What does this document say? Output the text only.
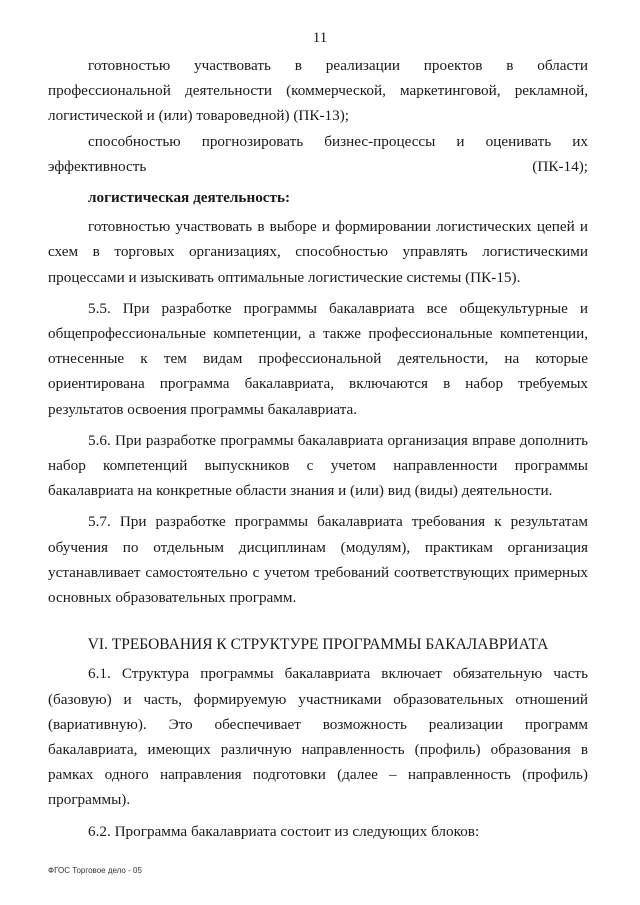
11

готовностью участвовать в реализации проектов в области профессиональной деятельности (коммерческой, маркетинговой, рекламной, логистической и (или) товароведной) (ПК-13);

способностью прогнозировать бизнес-процессы и оценивать их эффективность (ПК-14);

логистическая деятельность:

готовностью участвовать в выборе и формировании логистических цепей и схем в торговых организациях, способностью управлять логистическими процессами и изыскивать оптимальные логистические системы (ПК-15).

5.5. При разработке программы бакалавриата все общекультурные и общепрофессиональные компетенции, а также профессиональные компетенции, отнесенные к тем видам профессиональной деятельности, на которые ориентирована программа бакалавриата, включаются в набор требуемых результатов освоения программы бакалавриата.

5.6. При разработке программы бакалавриата организация вправе дополнить набор компетенций выпускников с учетом направленности программы бакалавриата на конкретные области знания и (или) вид (виды) деятельности.

5.7. При разработке программы бакалавриата требования к результатам обучения по отдельным дисциплинам (модулям), практикам организация устанавливает самостоятельно с учетом требований соответствующих примерных основных образовательных программ.

VI. ТРЕБОВАНИЯ К СТРУКТУРЕ ПРОГРАММЫ БАКАЛАВРИАТА

6.1. Структура программы бакалавриата включает обязательную часть (базовую) и часть, формируемую участниками образовательных отношений (вариативную). Это обеспечивает возможность реализации программ бакалавриата, имеющих различную направленность (профиль) образования в рамках одного направления подготовки (далее – направленность (профиль) программы).

6.2. Программа бакалавриата состоит из следующих блоков:

ФГОС Торговое дело - 05
